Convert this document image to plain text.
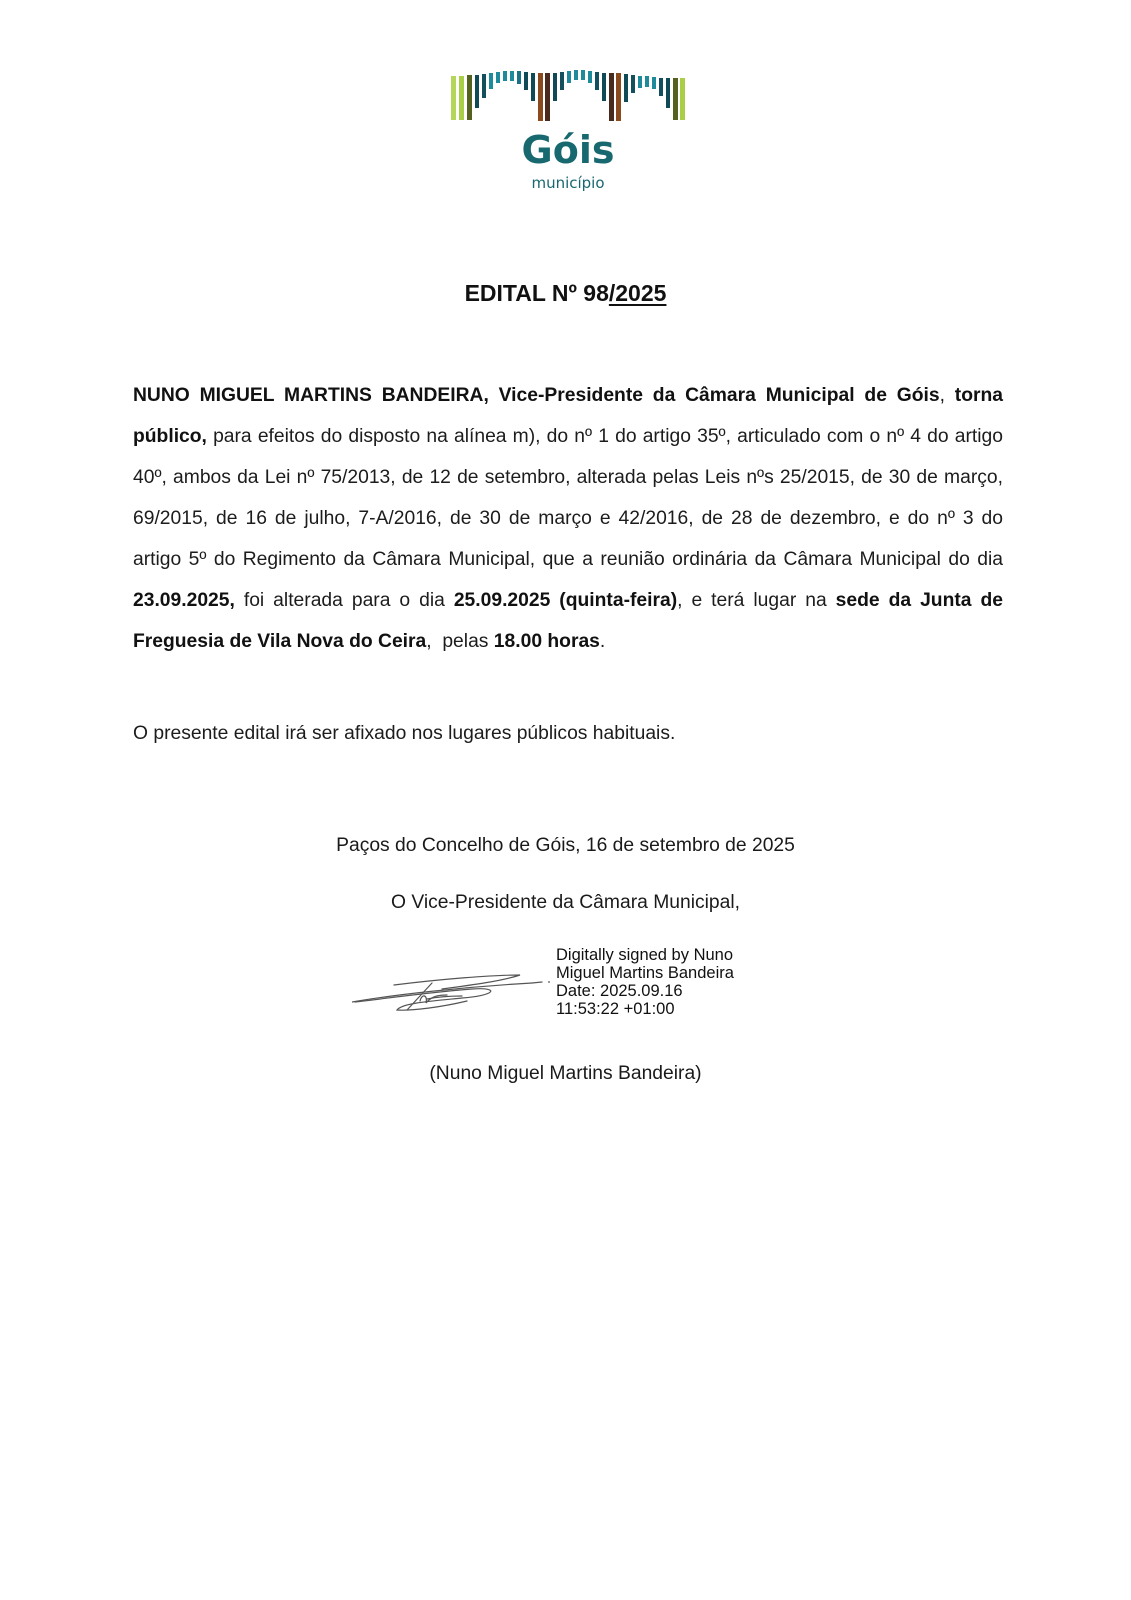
Góis
município
EDITAL Nº 98/2025

NUNO MIGUEL MARTINS BANDEIRA, Vice-Presidente da Câmara Municipal de Góis, torna público, para efeitos do disposto na alínea m), do nº 1 do artigo 35º, articulado com o nº 4 do artigo 40º, ambos da Lei nº 75/2013, de 12 de setembro, alterada pelas Leis nºs 25/2015, de 30 de março, 69/2015, de 16 de julho, 7-A/2016, de 30 de março e 42/2016, de 28 de dezembro, e do nº 3 do artigo 5º do Regimento da Câmara Municipal, que a reunião ordinária da Câmara Municipal do dia 23.09.2025, foi alterada para o dia 25.09.2025 (quinta-feira), e terá lugar na sede da Junta de Freguesia de Vila Nova do Ceira,  pelas 18.00 horas.

O presente edital irá ser afixado nos lugares públicos habituais.
Paços do Concelho de Góis, 16 de setembro de 2025
O Vice-Presidente da Câmara Municipal,
Digitally signed by Nuno
Miguel Martins Bandeira
Date: 2025.09.16
11:53:22 +01:00
(Nuno Miguel Martins Bandeira)
